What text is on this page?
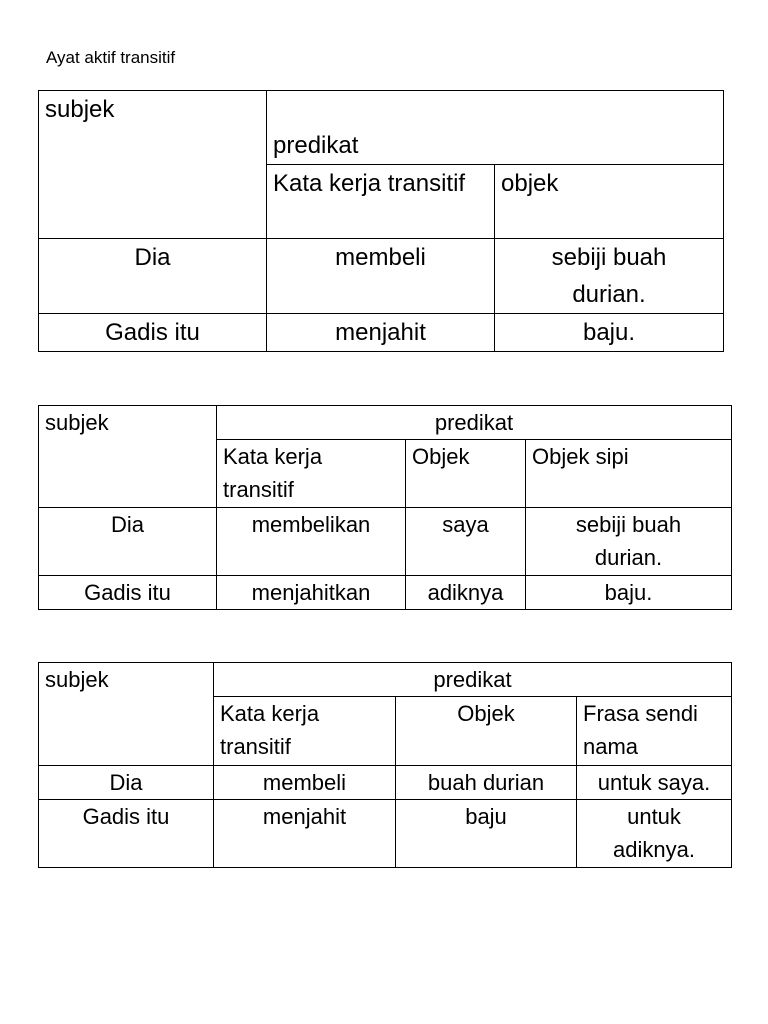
Ayat aktif transitif
subjek	predikat	
	Kata kerja transitif	objek
Dia	membeli	sebiji buah durian.
Gadis itu	menjahit	baju.
subjek	predikat		
	Kata kerja transitif	Objek	Objek sipi
Dia	membelikan	saya	sebiji buah durian.
Gadis itu	menjahitkan	adiknya	baju.
subjek	predikat		
	Kata kerja transitif	Objek	Frasa sendi nama
Dia	membeli	buah durian	untuk saya.
Gadis itu	menjahit	baju	untuk adiknya.
